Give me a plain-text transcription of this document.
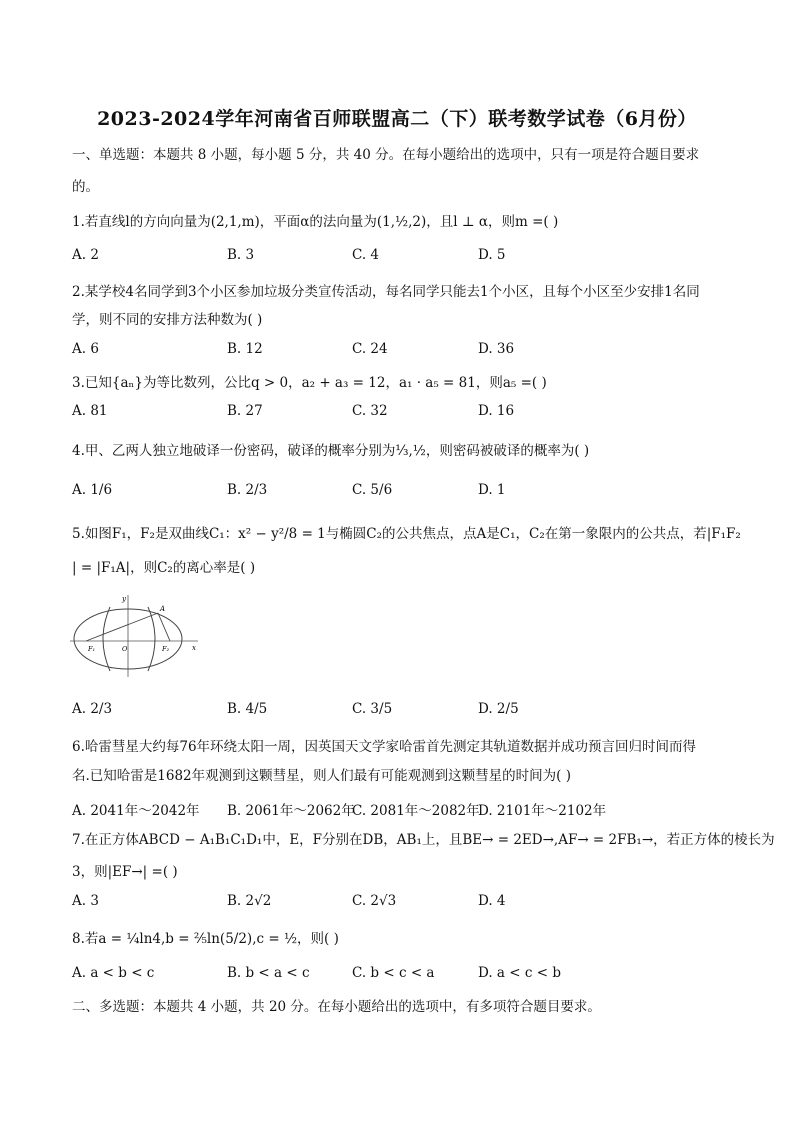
2023-2024学年河南省百师联盟高二（下）联考数学试卷（6月份）
一、单选题：本题共 8 小题，每小题 5 分，共 40 分。在每小题给出的选项中，只有一项是符合题目要求
的。
1.若直线l的方向向量为(2,1,m)，平面α的法向量为(1,½,2)，且l ⊥ α，则m =( )
A. 2	B. 3	C. 4	D. 5
2.某学校4名同学到3个小区参加垃圾分类宣传活动，每名同学只能去1个小区，且每个小区至少安排1名同
学，则不同的安排方法种数为( )
A. 6	B. 12	C. 24	D. 36
3.已知{aₙ}为等比数列，公比q > 0，a₂ + a₃ = 12，a₁ · a₅ = 81，则a₅ =( )
A. 81	B. 27	C. 32	D. 16
4.甲、乙两人独立地破译一份密码，破译的概率分别为⅓,½，则密码被破译的概率为( )
A. 1/6	B. 2/3	C. 5/6	D. 1
5.如图F₁，F₂是双曲线C₁：x² − y²/8 = 1与椭圆C₂的公共焦点，点A是C₁，C₂在第一象限内的公共点，若|F₁F₂
| = |F₁A|，则C₂的离心率是( )
y
A
F₁	O	F₂	x
A. 2/3	B. 4/5	C. 3/5	D. 2/5
6.哈雷彗星大约每76年环绕太阳一周，因英国天文学家哈雷首先测定其轨道数据并成功预言回归时间而得
名.已知哈雷是1682年观测到这颗彗星，则人们最有可能观测到这颗彗星的时间为( )
A. 2041年～2042年 B. 2061年～2062年
C. 2081年～2082年
D. 2101年～2102年
7.在正方体ABCD − A₁B₁C₁D₁中，E，F分别在DB，AB₁上，且BE→ = 2ED→,AF→ = 2FB₁→，若正方体的棱长为
3，则|EF→| =( )
A. 3	B. 2√2	C. 2√3	D. 4
8.若a = ¼ln4,b = ⅖ln(5/2),c = ½，则( )
A. a < b < c	B. b < a < c	C. b < c < a	D. a < c < b
二、多选题：本题共 4 小题，共 20 分。在每小题给出的选项中，有多项符合题目要求。
